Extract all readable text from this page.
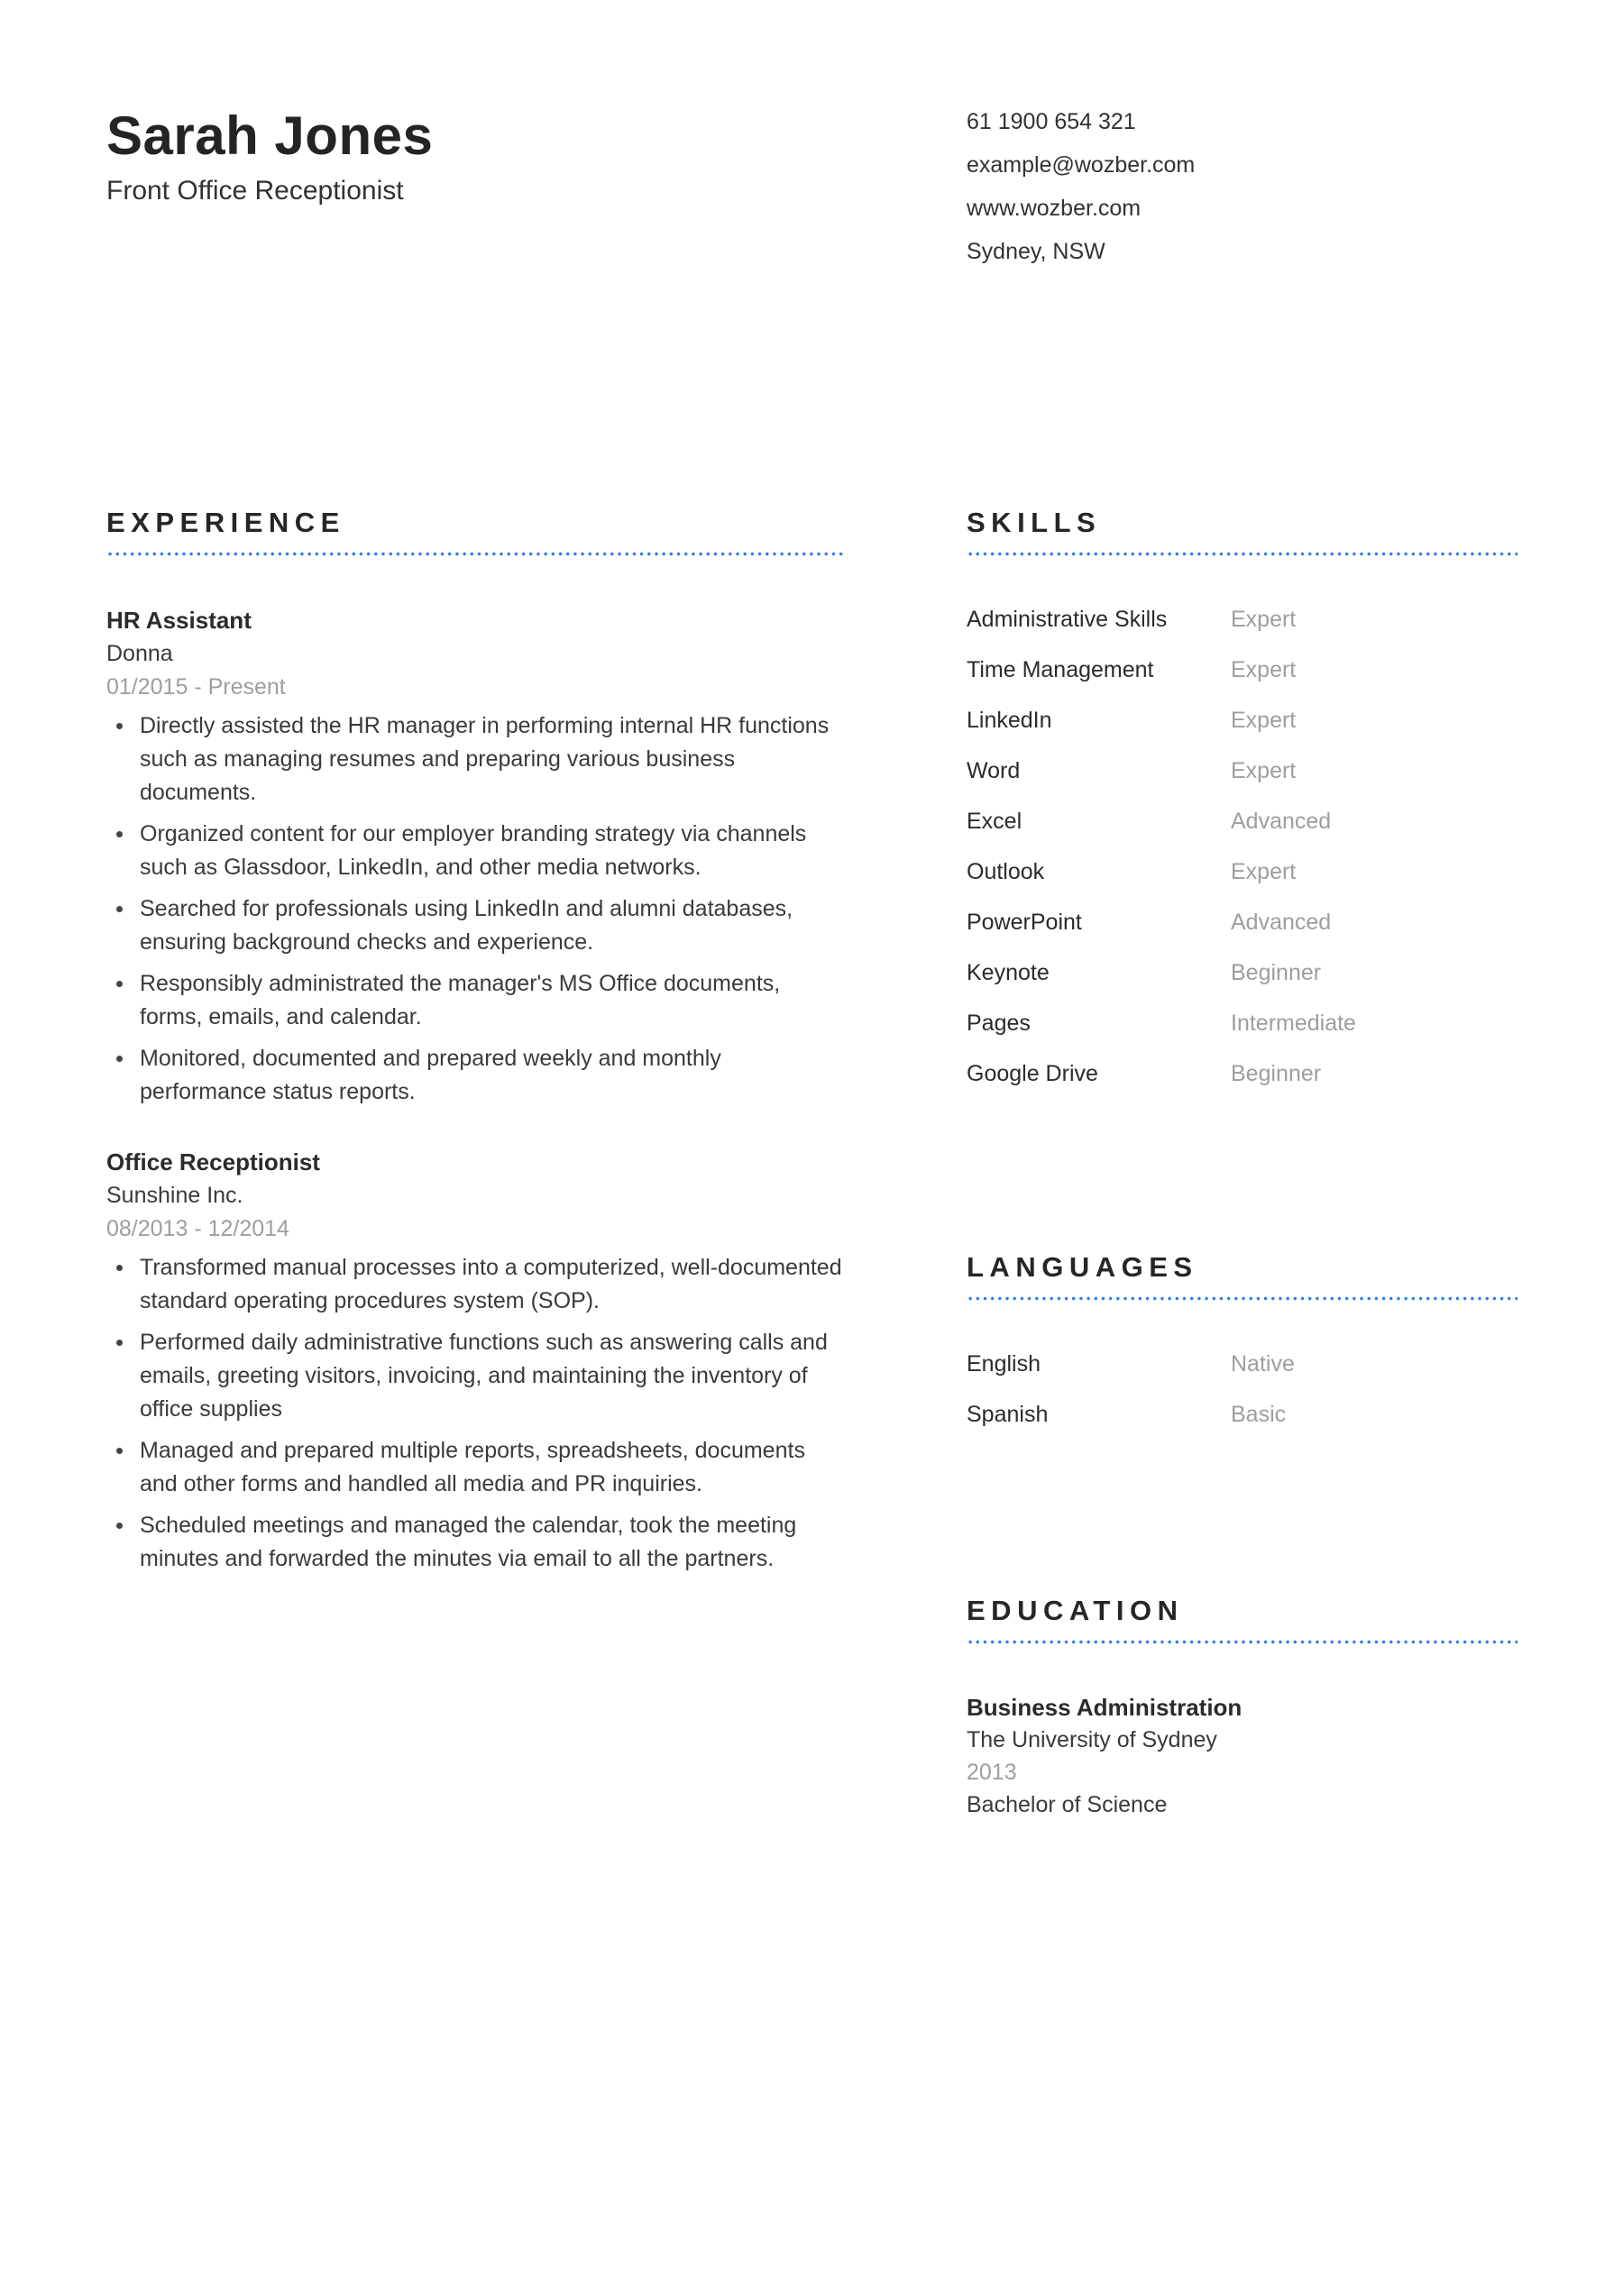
Sarah Jones
Front Office Receptionist
61 1900 654 321
example@wozber.com
www.wozber.com
Sydney, NSW
EXPERIENCE
HR Assistant
Donna
01/2015 - Present
Directly assisted the HR manager in performing internal HR functions such as managing resumes and preparing various business documents.
Organized content for our employer branding strategy via channels such as Glassdoor, LinkedIn, and other media networks.
Searched for professionals using LinkedIn and alumni databases, ensuring background checks and experience.
Responsibly administrated the manager's MS Office documents, forms, emails, and calendar.
Monitored, documented and prepared weekly and monthly performance status reports.
Office Receptionist
Sunshine Inc.
08/2013 - 12/2014
Transformed manual processes into a computerized, well-documented standard operating procedures system (SOP).
Performed daily administrative functions such as answering calls and emails, greeting visitors, invoicing, and maintaining the inventory of office supplies
Managed and prepared multiple reports, spreadsheets, documents and other forms and handled all media and PR inquiries.
Scheduled meetings and managed the calendar, took the meeting minutes and forwarded the minutes via email to all the partners.
SKILLS
Administrative Skills	Expert
Time Management	Expert
LinkedIn	Expert
Word	Expert
Excel	Advanced
Outlook	Expert
PowerPoint	Advanced
Keynote	Beginner
Pages	Intermediate
Google Drive	Beginner
LANGUAGES
English	Native
Spanish	Basic
EDUCATION
Business Administration
The University of Sydney
2013
Bachelor of Science
